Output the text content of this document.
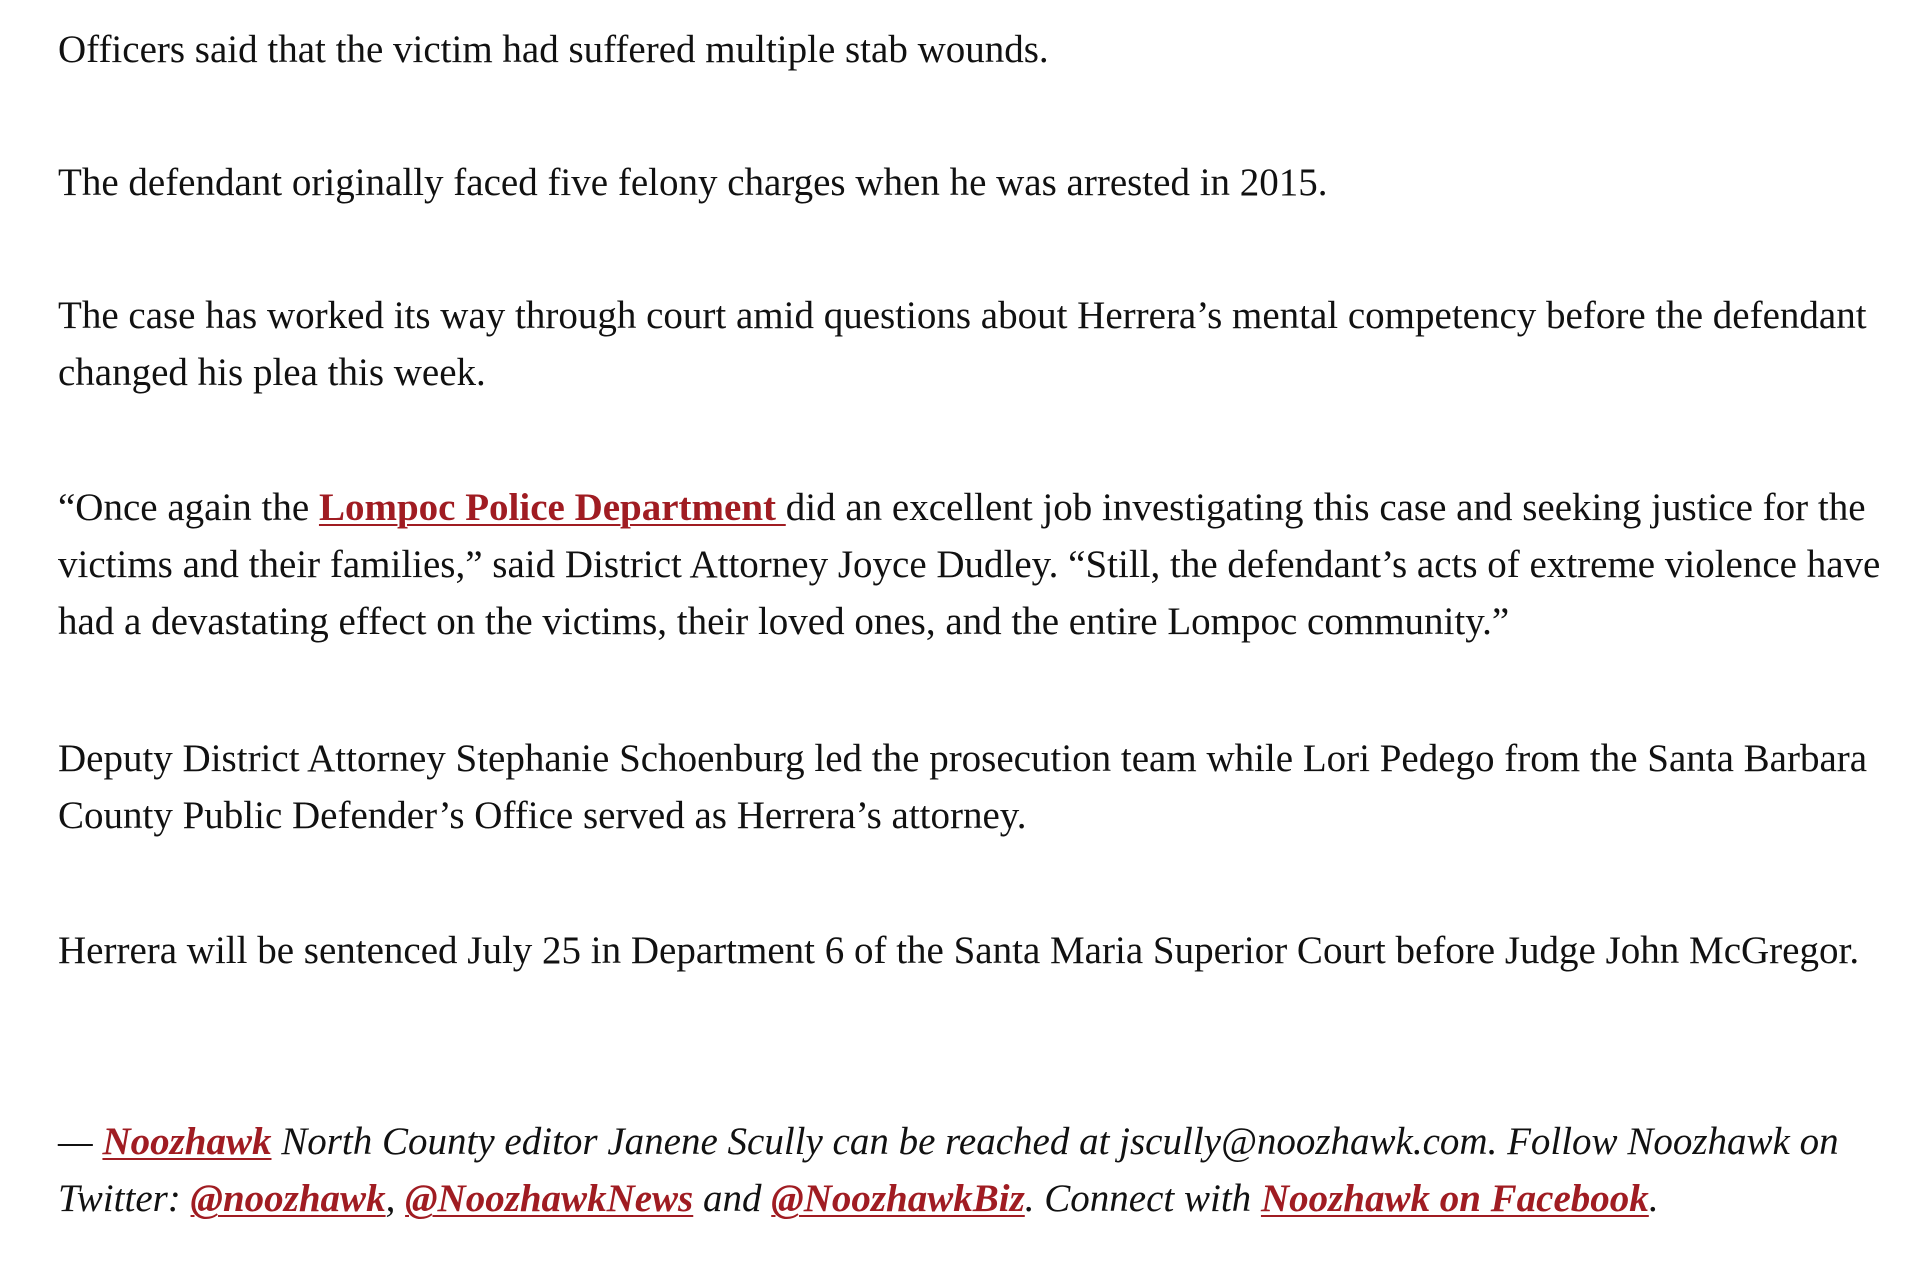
Officers said that the victim had suffered multiple stab wounds.

The defendant originally faced five felony charges when he was arrested in 2015.

The case has worked its way through court amid questions about Herrera’s mental competency before the defendant changed his plea this week.

“Once again the Lompoc Police Department did an excellent job investigating this case and seeking justice for the victims and their families,” said District Attorney Joyce Dudley. “Still, the defendant’s acts of extreme violence have had a devastating effect on the victims, their loved ones, and the entire Lompoc community.”

Deputy District Attorney Stephanie Schoenburg led the prosecution team while Lori Pedego from the Santa Barbara County Public Defender’s Office served as Herrera’s attorney.

Herrera will be sentenced July 25 in Department 6 of the Santa Maria Superior Court before Judge John McGregor.

— Noozhawk North County editor Janene Scully can be reached at jscully@noozhawk.com. Follow Noozhawk on Twitter: @noozhawk, @NoozhawkNews and @NoozhawkBiz. Connect with Noozhawk on Facebook.
